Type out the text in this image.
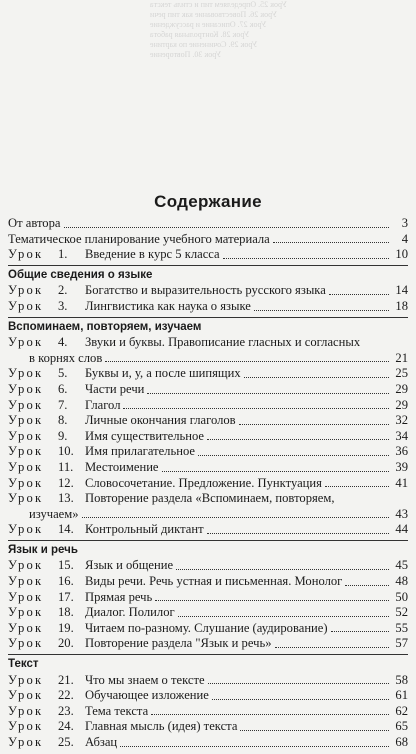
Урок 25. Определяем тип и стиль текста
Урок 26. Повествование как тип речи
Урок 27. Описание и рассуждение
Урок 28. Контрольная работа
Урок 29. Сочинение по картине
Урок 30. Повторение
Содержание
От автора	3
Тематическое планирование учебного материала	4
Урок 1. Введение в курс 5 класса	10
Общие сведения о языке
Урок 2. Богатство и выразительность русского языка	14
Урок 3. Лингвистика как наука о языке	18
Вспоминаем, повторяем, изучаем
Урок 4. Звуки и буквы. Правописание гласных и согласных
в корнях слов	21
Урок 5. Буквы и, у, а после шипящих	25
Урок 6. Части речи	29
Урок 7. Глагол	29
Урок 8. Личные окончания глаголов	32
Урок 9. Имя существительное	34
Урок 10. Имя прилагательное	36
Урок 11. Местоимение	39
Урок 12. Словосочетание. Предложение. Пунктуация	41
Урок 13. Повторение раздела «Вспоминаем, повторяем,
изучаем»	43
Урок 14. Контрольный диктант	44
Язык и речь
Урок 15. Язык и общение	45
Урок 16. Виды речи. Речь устная и письменная. Монолог	48
Урок 17. Прямая речь	50
Урок 18. Диалог. Полилог	52
Урок 19. Читаем по-разному. Слушание (аудирование)	55
Урок 20. Повторение раздела "Язык и речь»	57
Текст
Урок 21. Что мы знаем о тексте	58
Урок 22. Обучающее изложение	61
Урок 23. Тема текста	62
Урок 24. Главная мысль (идея) текста	65
Урок 25. Абзац	68
